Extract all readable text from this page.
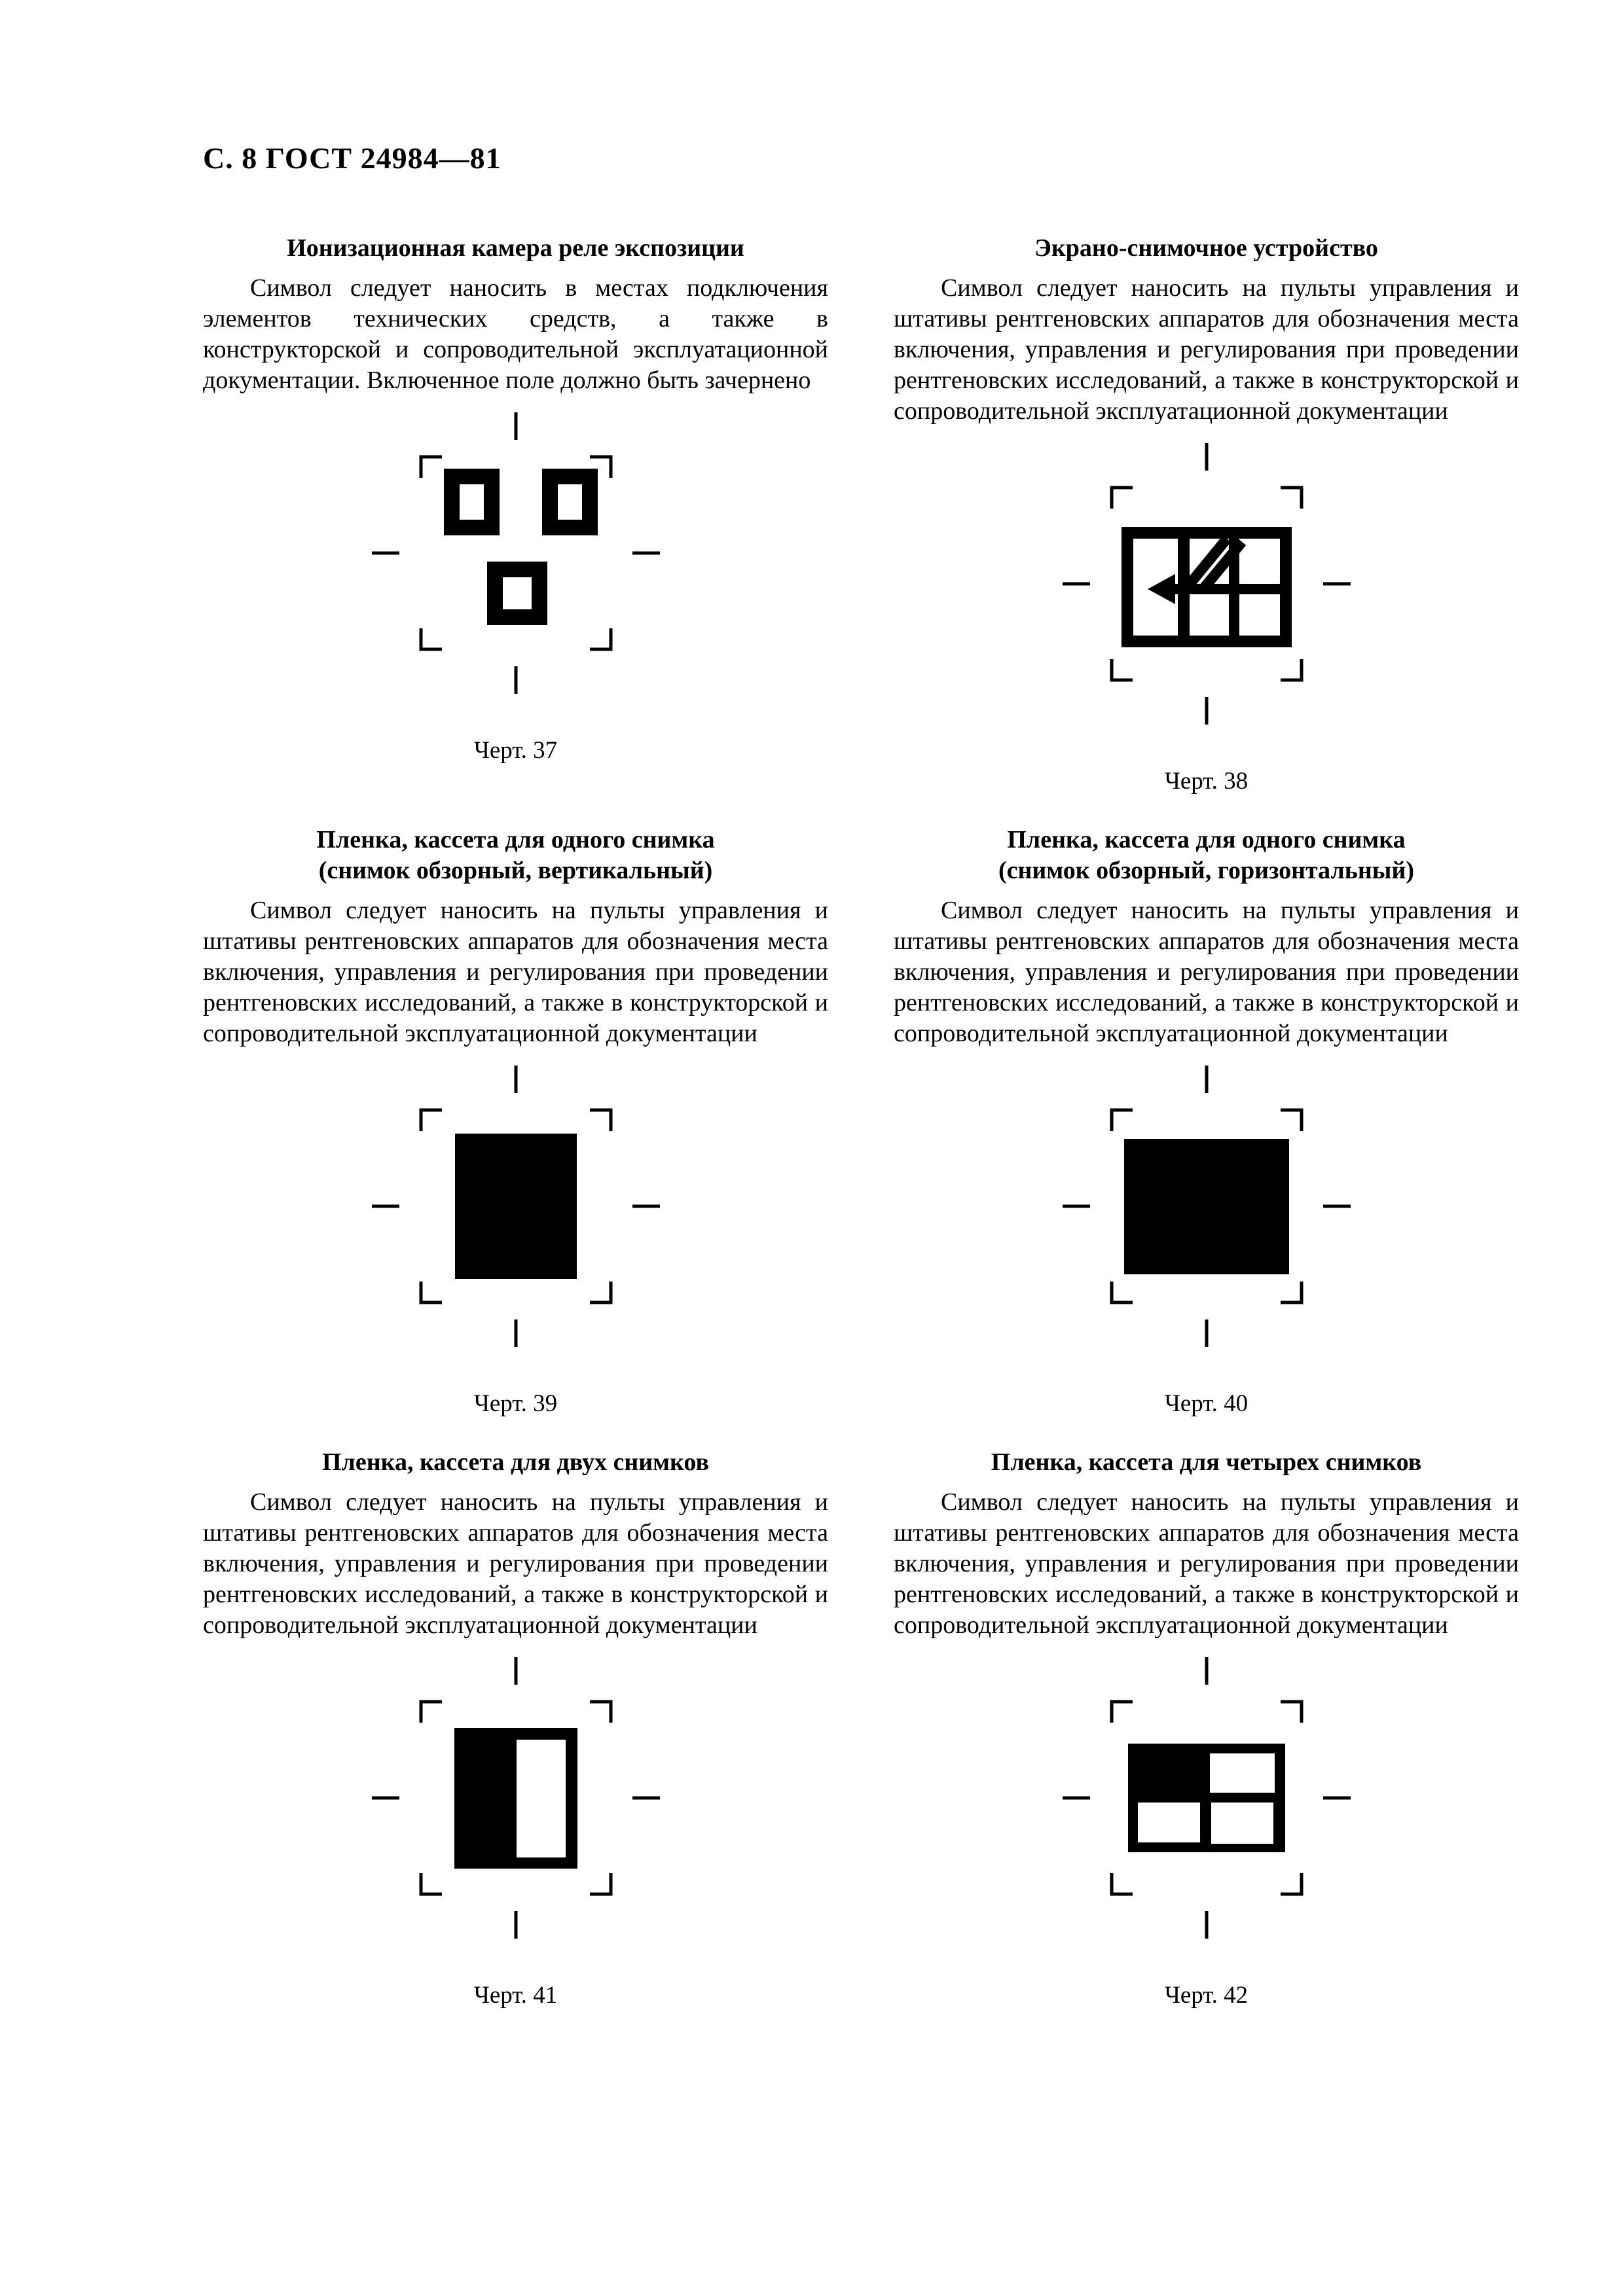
С. 8 ГОСТ 24984—81
Ионизационная камера реле экспозиции

Символ следует наносить в местах подключения элементов технических средств, а также в конструкторской и сопроводительной эксплуатационной документации. Включенное поле должно быть зачернено

Черт. 37
Экрано-снимочное устройство

Символ следует наносить на пульты управления и штативы рентгеновских аппаратов для обозначения места включения, управления и регулирования при проведении рентгеновских исследований, а также в конструкторской и сопроводительной эксплуатационной документации

Черт. 38
Пленка, кассета для одного снимка
(снимок обзорный, вертикальный)

Символ следует наносить на пульты управления и штативы рентгеновских аппаратов для обозначения места включения, управления и регулирования при проведении рентгеновских исследований, а также в конструкторской и сопроводительной эксплуатационной документации

Черт. 39
Пленка, кассета для одного снимка
(снимок обзорный, горизонтальный)

Символ следует наносить на пульты управления и штативы рентгеновских аппаратов для обозначения места включения, управления и регулирования при проведении рентгеновских исследований, а также в конструкторской и сопроводительной эксплуатационной документации

Черт. 40
Пленка, кассета для двух снимков

Символ следует наносить на пульты управления и штативы рентгеновских аппаратов для обозначения места включения, управления и регулирования при проведении рентгеновских исследований, а также в конструкторской и сопроводительной эксплуатационной документации

Черт. 41
Пленка, кассета для четырех снимков

Символ следует наносить на пульты управления и штативы рентгеновских аппаратов для обозначения места включения, управления и регулирования при проведении рентгеновских исследований, а также в конструкторской и сопроводительной эксплуатационной документации

Черт. 42
